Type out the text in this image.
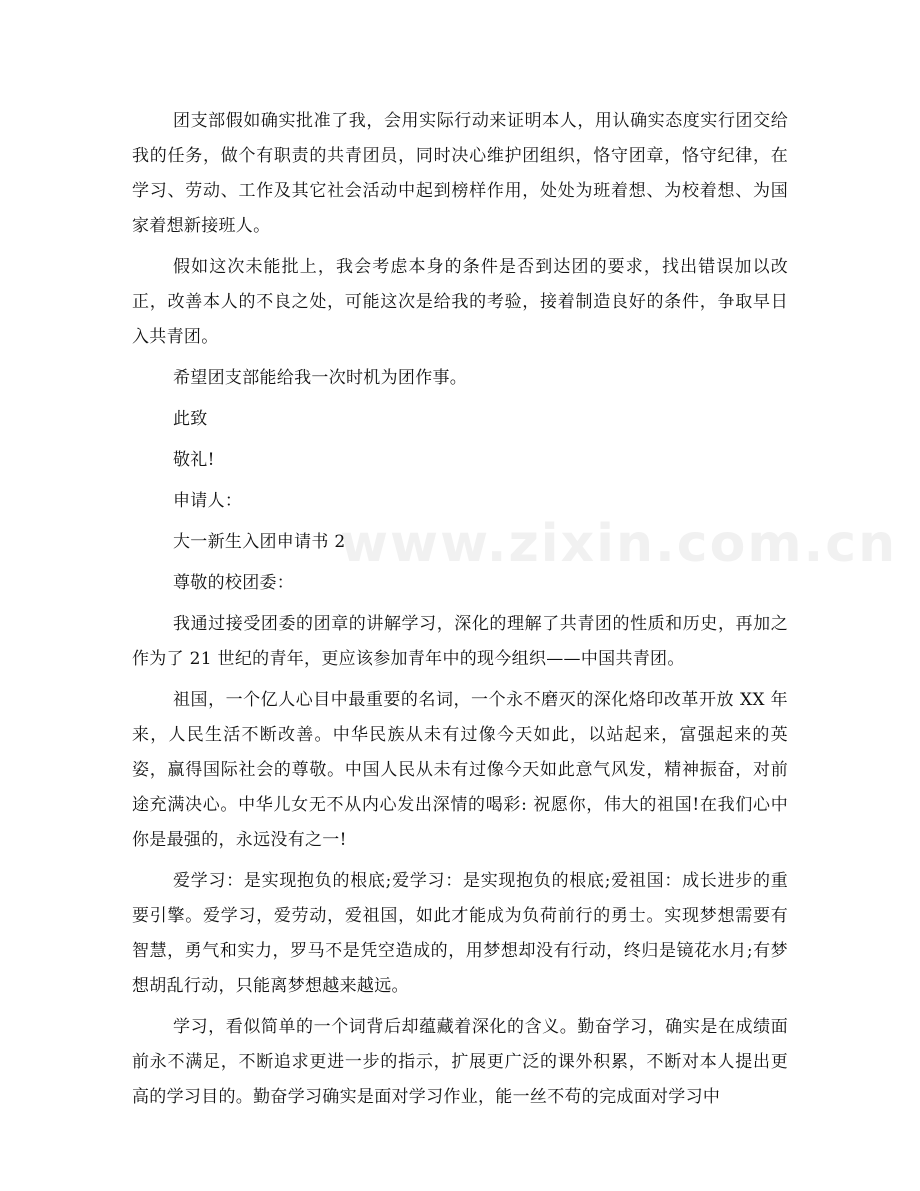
www.zixin.com.cn

团支部假如确实批准了我，会用实际行动来证明本人，用认确实态度实行团交给我的任务，做个有职责的共青团员，同时决心维护团组织，恪守团章，恪守纪律，在学习、劳动、工作及其它社会活动中起到榜样作用，处处为班着想、为校着想、为国家着想新接班人。

假如这次未能批上，我会考虑本身的条件是否到达团的要求，找出错误加以改正，改善本人的不良之处，可能这次是给我的考验，接着制造良好的条件，争取早日入共青团。

希望团支部能给我一次时机为团作事。

此致

敬礼!

申请人：

大一新生入团申请书 2

尊敬的校团委：

我通过接受团委的团章的讲解学习，深化的理解了共青团的性质和历史，再加之作为了 21 世纪的青年，更应该参加青年中的现今组织——中国共青团。

祖国，一个亿人心目中最重要的名词，一个永不磨灭的深化烙印改革开放 XX 年来，人民生活不断改善。中华民族从未有过像今天如此，以站起来，富强起来的英姿，赢得国际社会的尊敬。中国人民从未有过像今天如此意气风发，精神振奋，对前途充满决心。中华儿女无不从内心发出深情的喝彩: 祝愿你，伟大的祖国!在我们心中你是最强的，永远没有之一!

爱学习：是实现抱负的根底;爱学习：是实现抱负的根底;爱祖国：成长进步的重要引擎。爱学习，爱劳动，爱祖国，如此才能成为负荷前行的勇士。实现梦想需要有智慧，勇气和实力，罗马不是凭空造成的，用梦想却没有行动，终归是镜花水月;有梦想胡乱行动，只能离梦想越来越远。

学习，看似简单的一个词背后却蕴藏着深化的含义。勤奋学习，确实是在成绩面前永不满足，不断追求更进一步的指示，扩展更广泛的课外积累，不断对本人提出更高的学习目的。勤奋学习确实是面对学习作业，能一丝不苟的完成面对学习中
